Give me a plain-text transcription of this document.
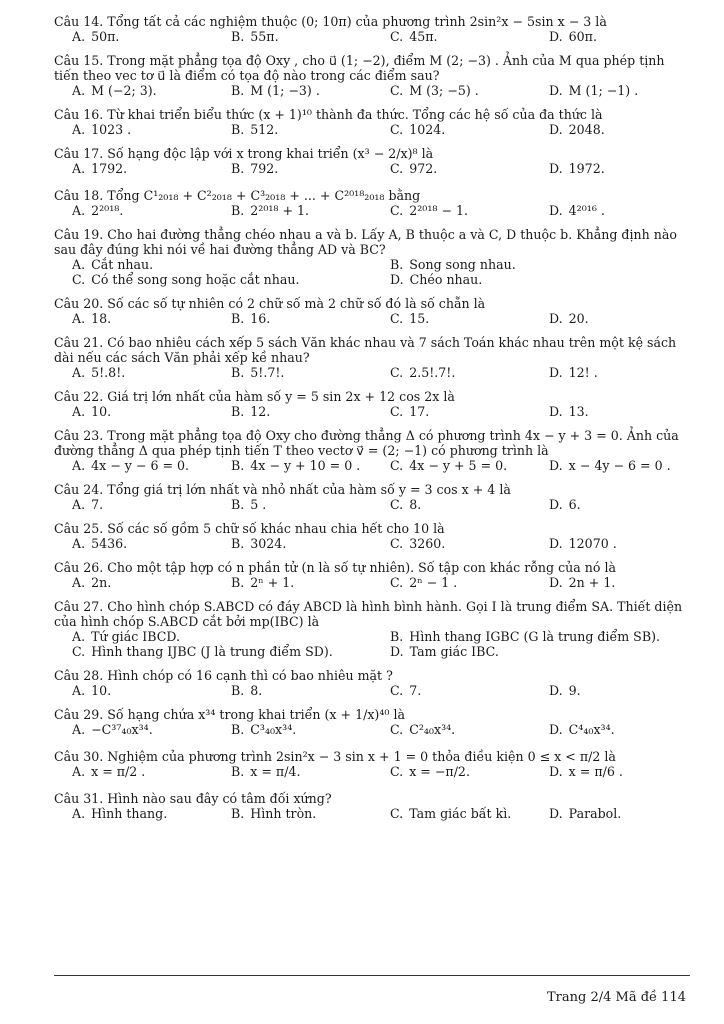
Câu 14. Tổng tất cả các nghiệm thuộc (0; 10π) của phương trình 2sin²x − 5sin x − 3 là
A. 50π.	B. 55π.	C. 45π.	D. 60π.
Câu 15. Trong mặt phẳng tọa độ Oxy , cho u⃗ (1; −2), điểm M (2; −3) . Ảnh của M qua phép tịnh tiến theo vec tơ u⃗ là điểm có tọa độ nào trong các điểm sau?
A. M (−2; 3).	B. M (1; −3) .	C. M (3; −5) .	D. M (1; −1) .
Câu 16. Từ khai triển biểu thức (x + 1)¹⁰ thành đa thức. Tổng các hệ số của đa thức là
A. 1023 .	B. 512.	C. 1024.	D. 2048.
Câu 17. Số hạng độc lập với x trong khai triển (x³ − 2/x)⁸ là
A. 1792.	B. 792.	C. 972.	D. 1972.
Câu 18. Tổng C¹₂₀₁₈ + C²₂₀₁₈ + C³₂₀₁₈ + ... + C²⁰¹⁸₂₀₁₈ bằng
A. 2²⁰¹⁸.	B. 2²⁰¹⁸ + 1.	C. 2²⁰¹⁸ − 1.	D. 4²⁰¹⁶ .
Câu 19. Cho hai đường thẳng chéo nhau a và b. Lấy A, B thuộc a và C, D thuộc b. Khẳng định nào sau đây đúng khi nói về hai đường thẳng AD và BC?
A. Cắt nhau.	B. Song song nhau.
C. Có thể song song hoặc cắt nhau.	D. Chéo nhau.
Câu 20. Số các số tự nhiên có 2 chữ số mà 2 chữ số đó là số chẵn là
A. 18.	B. 16.	C. 15.	D. 20.
Câu 21. Có bao nhiêu cách xếp 5 sách Văn khác nhau và 7 sách Toán khác nhau trên một kệ sách dài nếu các sách Văn phải xếp kề nhau?
A. 5!.8!.	B. 5!.7!.	C. 2.5!.7!.	D. 12! .
Câu 22. Giá trị lớn nhất của hàm số y = 5 sin 2x + 12 cos 2x là
A. 10.	B. 12.	C. 17.	D. 13.
Câu 23. Trong mặt phẳng tọa độ Oxy cho đường thẳng Δ có phương trình 4x − y + 3 = 0. Ảnh của đường thẳng Δ qua phép tịnh tiến T theo vectơ v⃗ = (2; −1) có phương trình là
A. 4x − y − 6 = 0.	B. 4x − y + 10 = 0 . C. 4x − y + 5 = 0.	D. x − 4y − 6 = 0 .
Câu 24. Tổng giá trị lớn nhất và nhỏ nhất của hàm số y = 3 cos x + 4 là
A. 7.	B. 5 .	C. 8.	D. 6.
Câu 25. Số các số gồm 5 chữ số khác nhau chia hết cho 10 là
A. 5436.	B. 3024.	C. 3260.	D. 12070 .
Câu 26. Cho một tập hợp có n phần tử (n là số tự nhiên). Số tập con khác rỗng của nó là
A. 2n.	B. 2ⁿ + 1.	C. 2ⁿ − 1 .	D. 2n + 1.
Câu 27. Cho hình chóp S.ABCD có đáy ABCD là hình bình hành. Gọi I là trung điểm SA. Thiết diện của hình chóp S.ABCD cắt bởi mp(IBC) là
A. Tứ giác IBCD.	B. Hình thang IGBC (G là trung điểm SB).
C. Hình thang IJBC (J là trung điểm SD).	D. Tam giác IBC.
Câu 28. Hình chóp có 16 cạnh thì có bao nhiêu mặt ?
A. 10.	B. 8.	C. 7.	D. 9.
Câu 29. Số hạng chứa x³⁴ trong khai triển (x + 1/x)⁴⁰ là
A. −C³⁷₄₀x³⁴.	B. C³₄₀x³⁴.	C. C²₄₀x³⁴.	D. C⁴₄₀x³⁴.
Câu 30. Nghiệm của phương trình 2sin²x − 3 sin x + 1 = 0 thỏa điều kiện 0 ≤ x < π/2 là
A. x = π/2 .	B. x = π/4.	C. x = −π/2.	D. x = π/6 .
Câu 31. Hình nào sau đây có tâm đối xứng?
A. Hình thang.	B. Hình tròn.	C. Tam giác bất kì.	D. Parabol.
Trang 2/4 Mã đề 114
